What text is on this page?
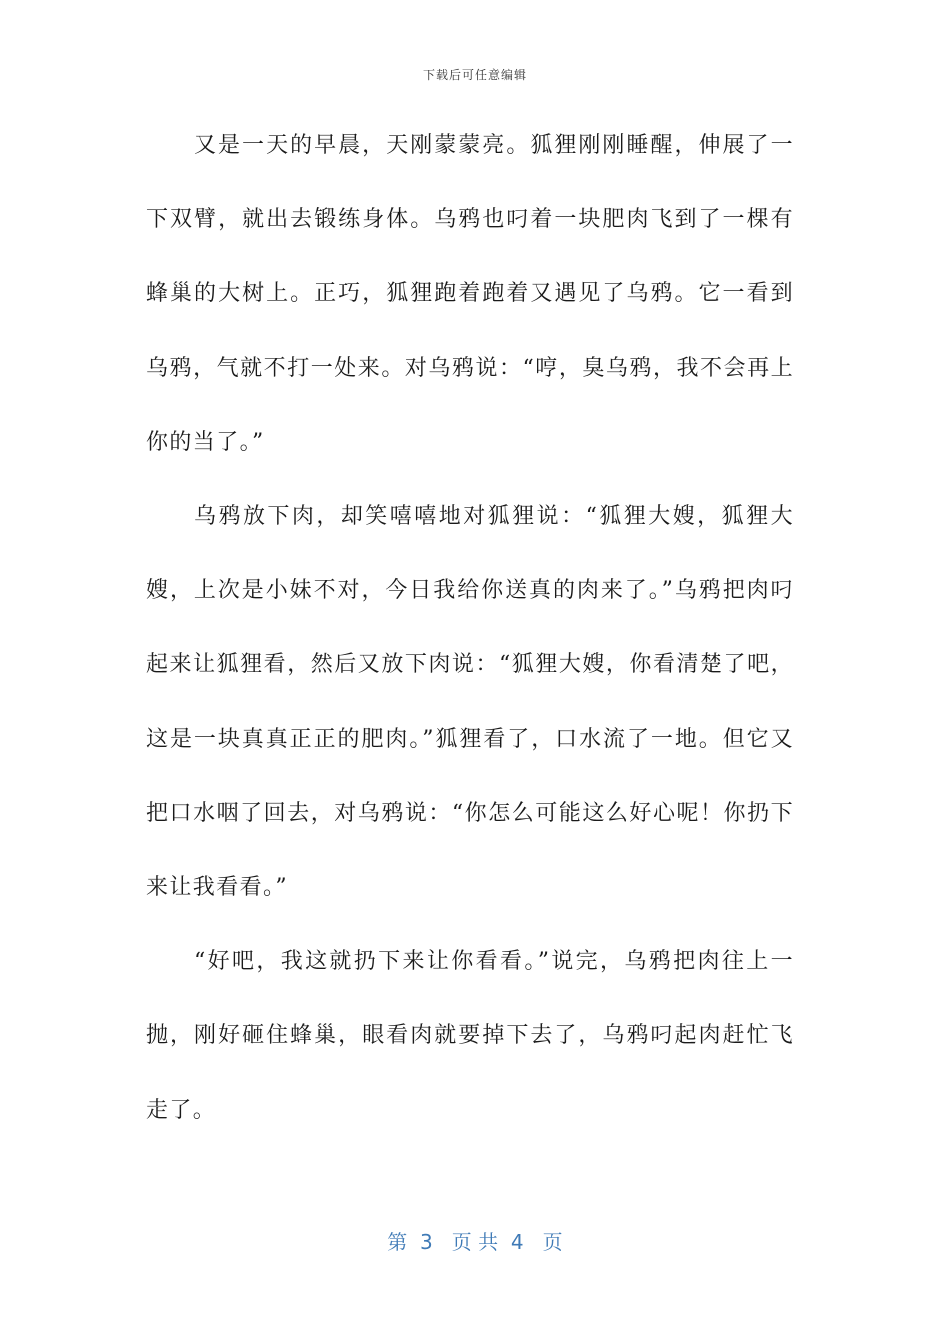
下载后可任意编辑

又是一天的早晨，天刚蒙蒙亮。狐狸刚刚睡醒，伸展了一下双臂，就出去锻练身体。乌鸦也叼着一块肥肉飞到了一棵有蜂巢的大树上。正巧，狐狸跑着跑着又遇见了乌鸦。它一看到乌鸦，气就不打一处来。对乌鸦说：“哼，臭乌鸦，我不会再上你的当了。”

乌鸦放下肉，却笑嘻嘻地对狐狸说：“狐狸大嫂，狐狸大嫂，上次是小妹不对，今日我给你送真的肉来了。”乌鸦把肉叼起来让狐狸看，然后又放下肉说：“狐狸大嫂，你看清楚了吧，这是一块真真正正的肥肉。”狐狸看了，口水流了一地。但它又把口水咽了回去，对乌鸦说：“你怎么可能这么好心呢！你扔下来让我看看。”

“好吧，我这就扔下来让你看看。”说完，乌鸦把肉往上一抛，刚好砸住蜂巢，眼看肉就要掉下去了，乌鸦叼起肉赶忙飞走了。

第  3   页 共  4   页
